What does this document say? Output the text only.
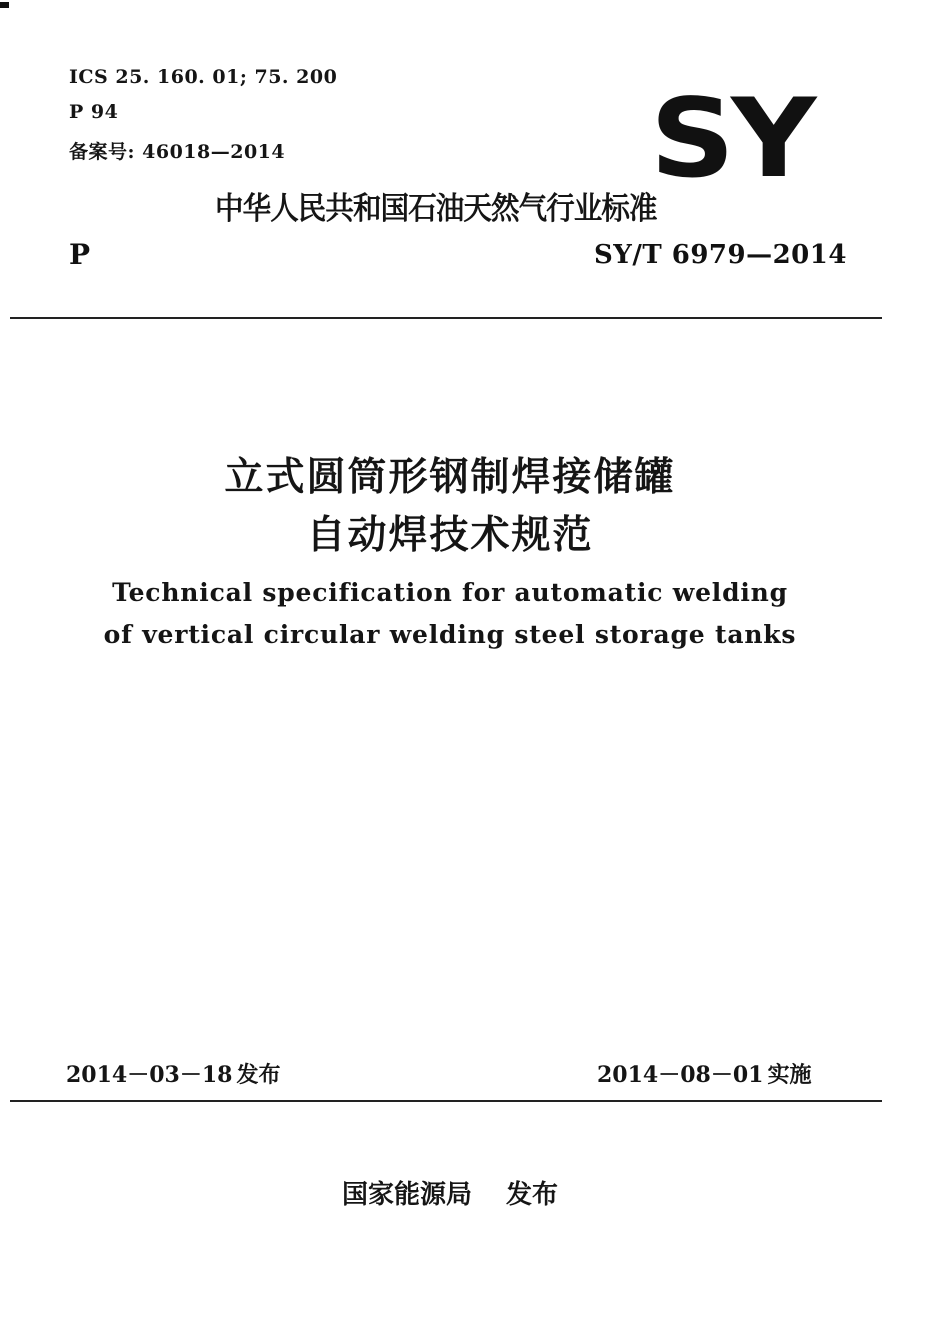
ICS 25. 160. 01; 75. 200
P 94
备案号: 46018—2014	SY
中华人民共和国石油天然气行业标准
P	SY/T 6979—2014
立式圆筒形钢制焊接储罐
自动焊技术规范
Technical specification for automatic welding
of vertical circular welding steel storage tanks
2014－03－18 发布	2014－08－01 实施
国家能源局 发布
